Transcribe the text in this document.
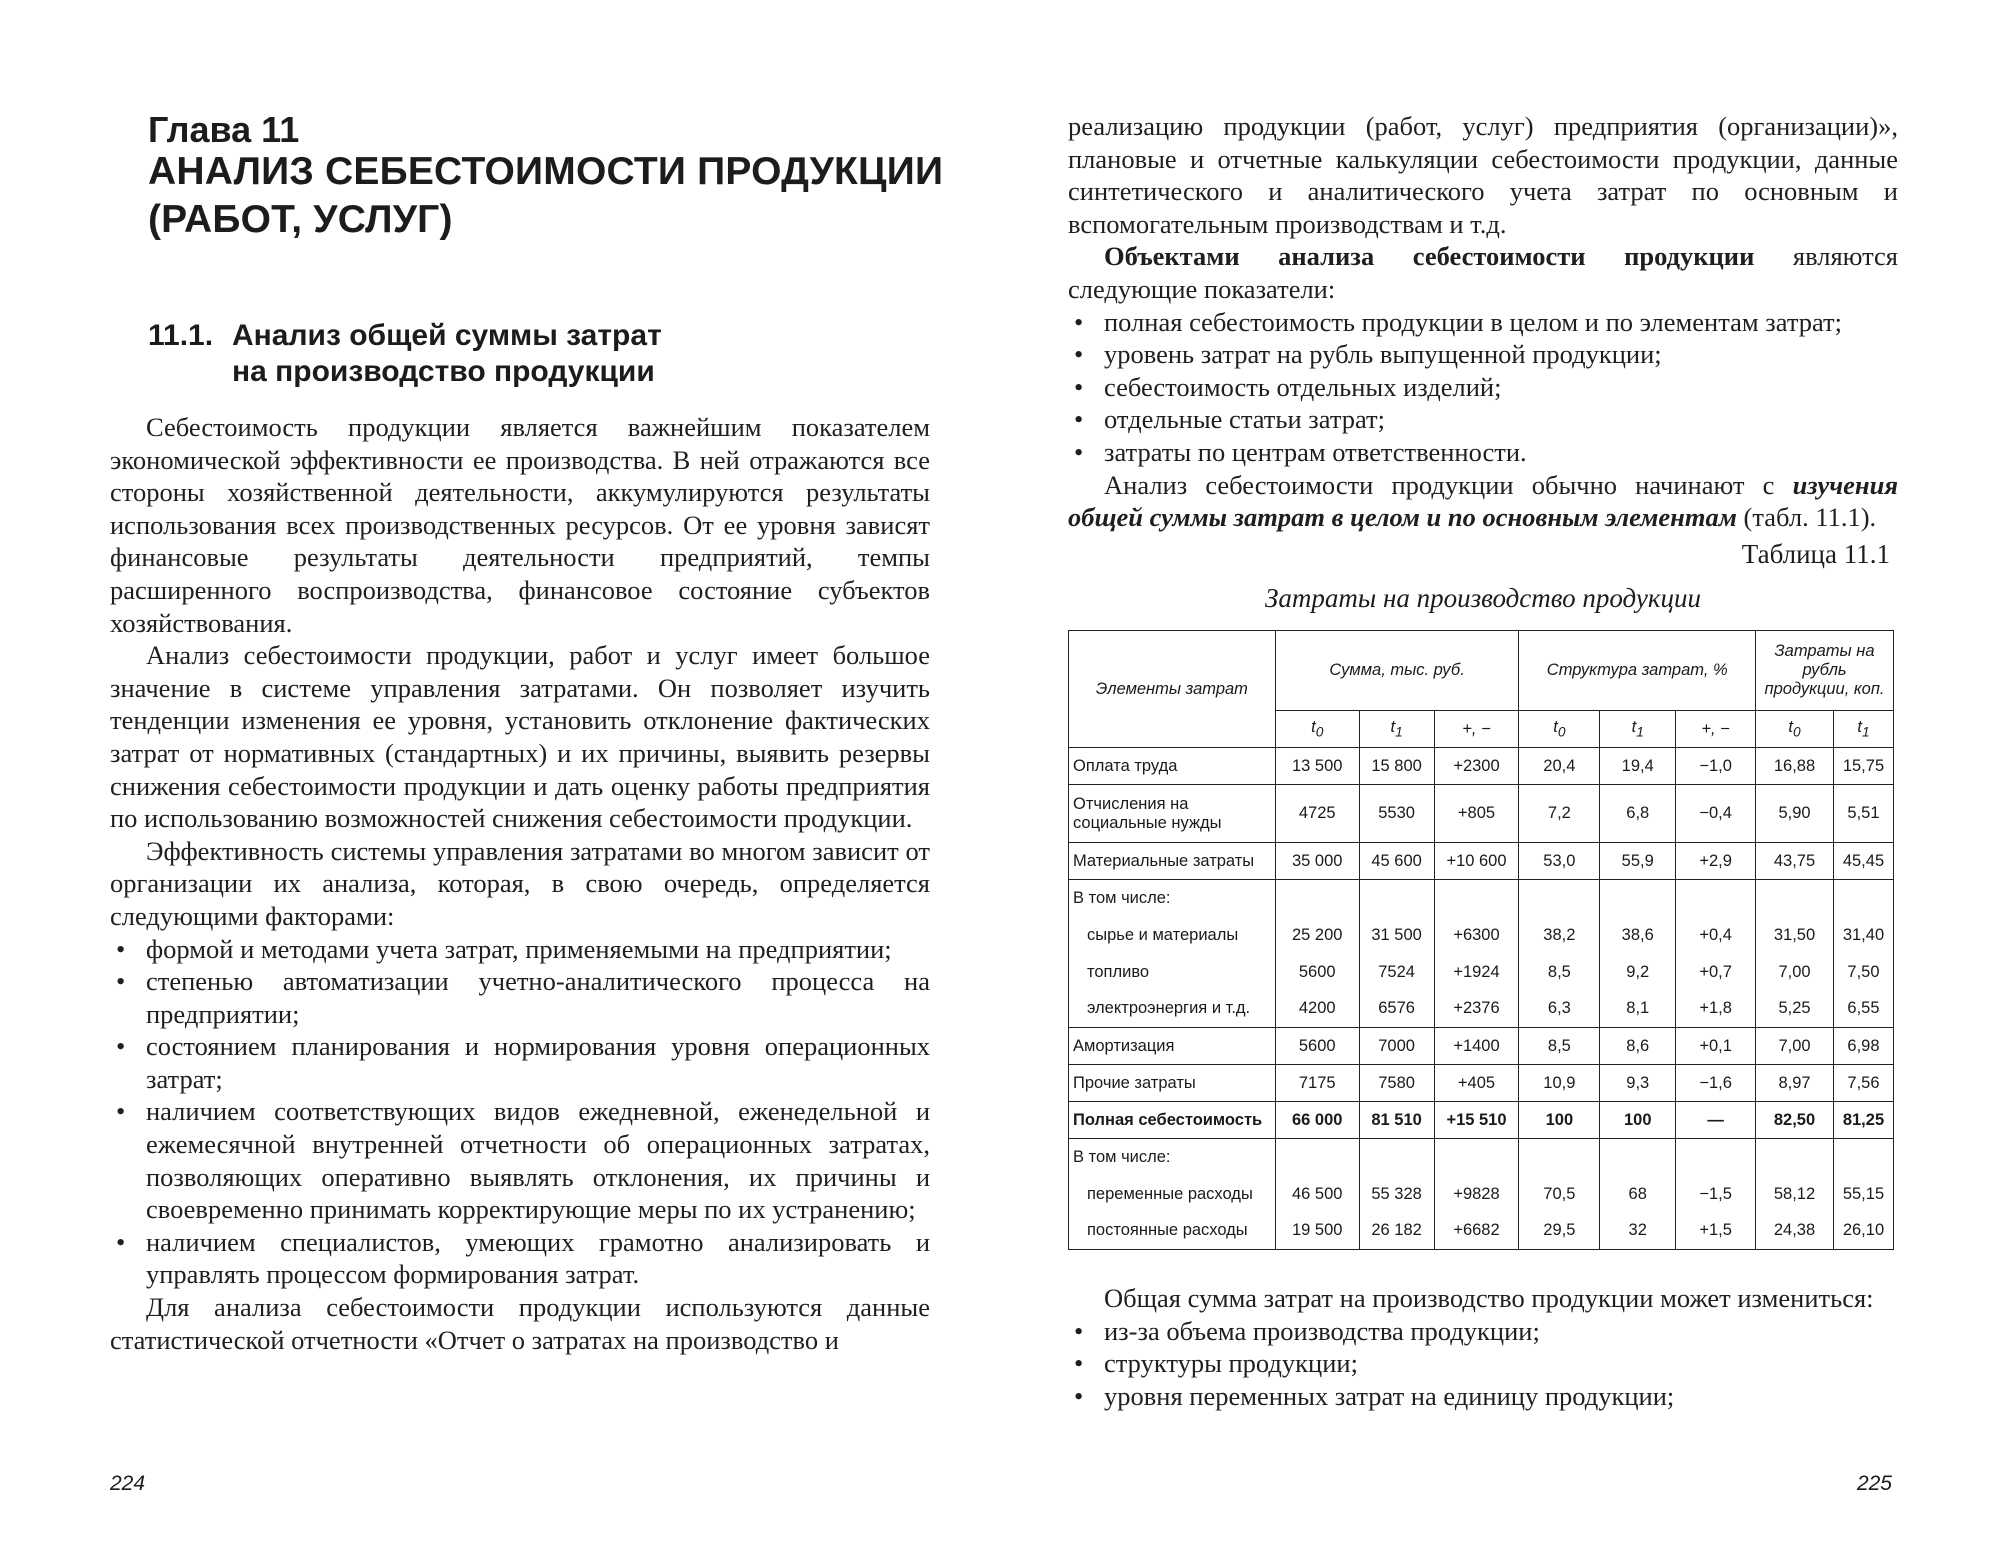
Глава 11
АНАЛИЗ СЕБЕСТОИМОСТИ ПРОДУКЦИИ
(РАБОТ, УСЛУГ)
11.1. Анализ общей суммы затрат
на производство продукции

Себестоимость продукции является важнейшим показателем экономической эффективности ее производства. В ней отражаются все стороны хозяйственной деятельности, аккумулируются результаты использования всех производственных ресурсов. От ее уровня зависят финансовые результаты деятельности предприятий, темпы расширенного воспроизводства, финансовое состояние субъектов хозяйствования.

Анализ себестоимости продукции, работ и услуг имеет большое значение в системе управления затратами. Он позволяет изучить тенденции изменения ее уровня, установить отклонение фактических затрат от нормативных (стандартных) и их причины, выявить резервы снижения себестоимости продукции и дать оценку работы предприятия по использованию возможностей снижения себестоимости продукции.

Эффективность системы управления затратами во многом зависит от организации их анализа, которая, в свою очередь, определяется следующими факторами:

• формой и методами учета затрат, применяемыми на предприятии;
• степенью автоматизации учетно-аналитического процесса на предприятии;
• состоянием планирования и нормирования уровня операционных затрат;
• наличием соответствующих видов ежедневной, еженедельной и ежемесячной внутренней отчетности об операционных затратах, позволяющих оперативно выявлять отклонения, их причины и своевременно принимать корректирующие меры по их устранению;
• наличием специалистов, умеющих грамотно анализировать и управлять процессом формирования затрат.

Для анализа себестоимости продукции используются данные статистической отчетности «Отчет о затратах на производство и

224

реализацию продукции (работ, услуг) предприятия (организации)», плановые и отчетные калькуляции себестоимости продукции, данные синтетического и аналитического учета затрат по основным и вспомогательным производствам и т.д.

Объектами анализа себестоимости продукции являются следующие показатели:

• полная себестоимость продукции в целом и по элементам затрат;
• уровень затрат на рубль выпущенной продукции;
• себестоимость отдельных изделий;
• отдельные статьи затрат;
• затраты по центрам ответственности.

Анализ себестоимости продукции обычно начинают с изучения общей суммы затрат в целом и по основным элементам (табл. 11.1).

Таблица 11.1
Затраты на производство продукции
Элементы затрат	Сумма, тыс. руб.			Структура затрат, %			Затраты на рубль продукции, коп.	
	$t_0$	$t_1$	+, −	$t_0$	$t_1$	+, −	$t_0$	$t_1$
Оплата труда	13 500	15 800	+2300	20,4	19,4	−1,0	16,88	15,75
Отчисления на социальные нужды	4725	5530	+805	7,2	6,8	−0,4	5,90	5,51
Материальные затраты	35 000	45 600	+10 600	53,0	55,9	+2,9	43,75	45,45
В том числе:								
сырье и материалы	25 200	31 500	+6300	38,2	38,6	+0,4	31,50	31,40
топливо	5600	7524	+1924	8,5	9,2	+0,7	7,00	7,50
электроэнергия и т.д.	4200	6576	+2376	6,3	8,1	+1,8	5,25	6,55
Амортизация	5600	7000	+1400	8,5	8,6	+0,1	7,00	6,98
Прочие затраты	7175	7580	+405	10,9	9,3	−1,6	8,97	7,56
Полная себестоимость	66 000	81 510	+15 510	100	100	—	82,50	81,25
В том числе:								
переменные расходы	46 500	55 328	+9828	70,5	68	−1,5	58,12	55,15
постоянные расходы	19 500	26 182	+6682	29,5	32	+1,5	24,38	26,10

Общая сумма затрат на производство продукции может измениться:

• из-за объема производства продукции;
• структуры продукции;
• уровня переменных затрат на единицу продукции;
225
